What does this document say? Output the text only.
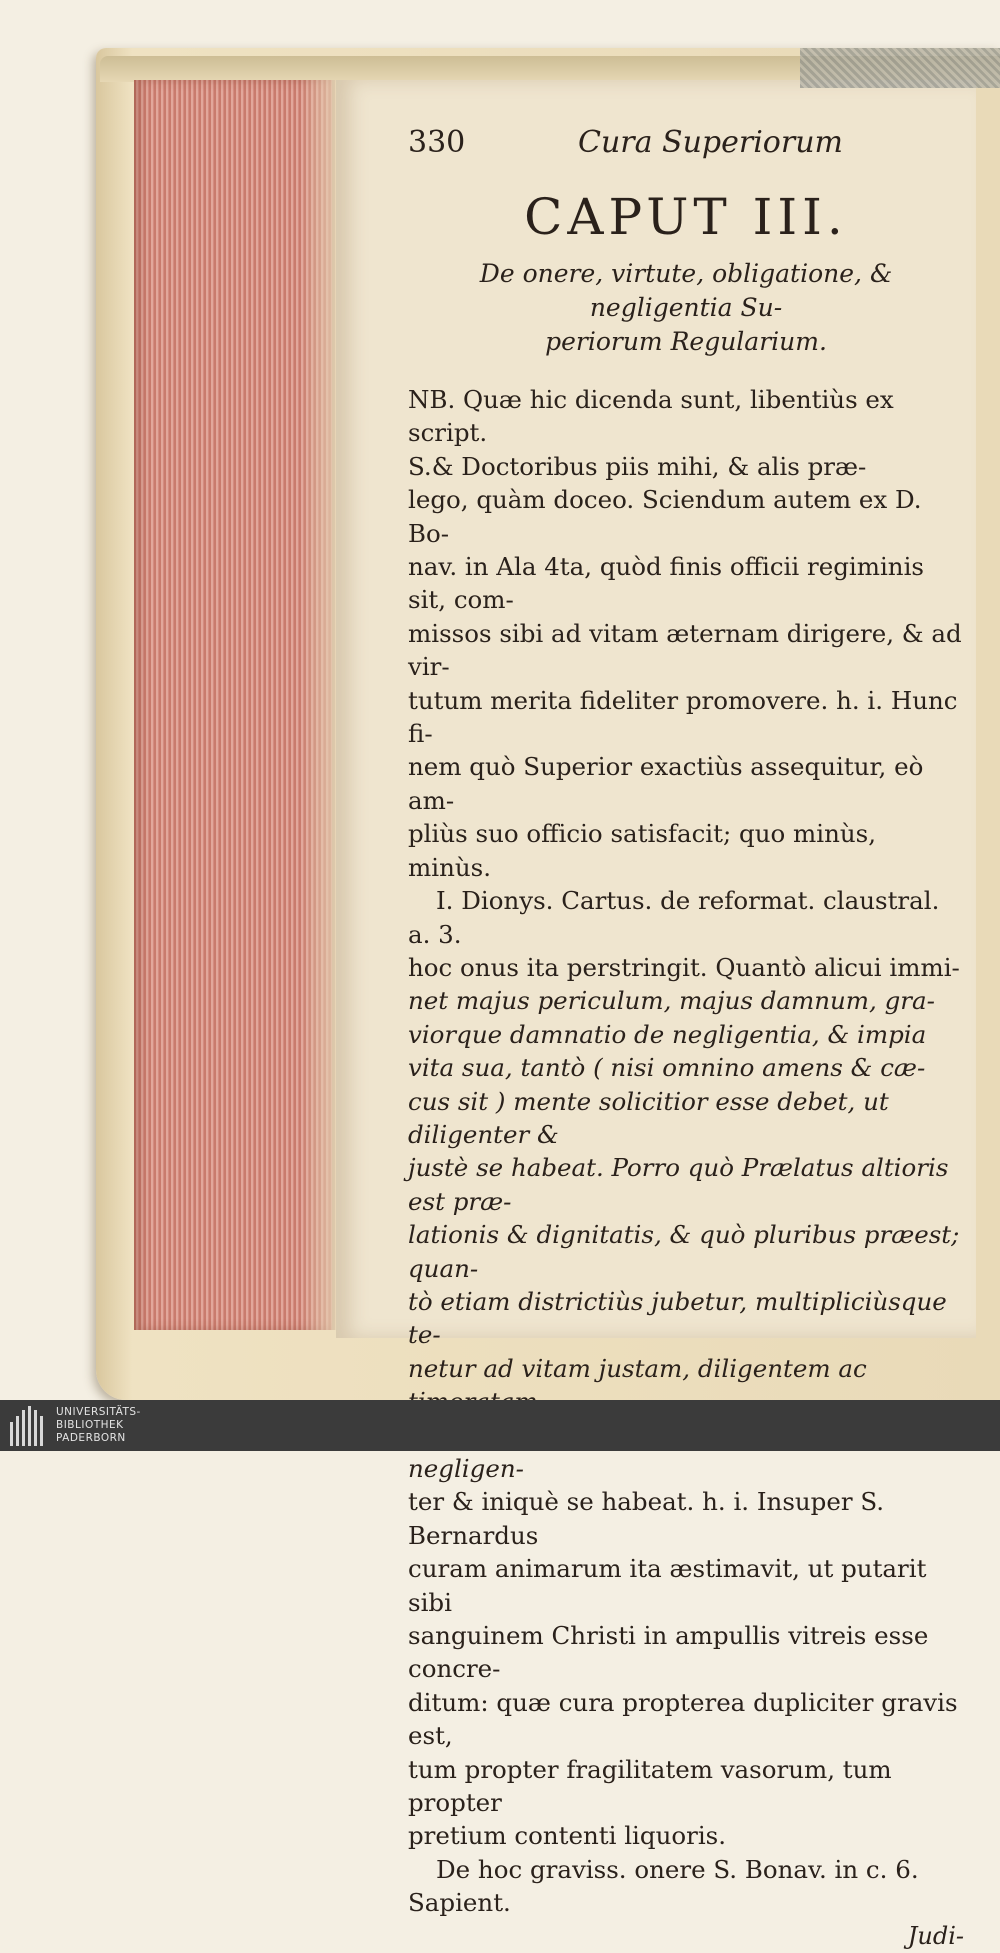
330	Cura Superiorum
CAPUT III.
De onere, virtute, obligatione, & negligentia Su-
periorum Regularium.

NB. Quæ hic dicenda sunt, libentiùs ex script.

S.& Doctoribus piis mihi, & alis præ-

lego, quàm doceo. Sciendum autem ex D. Bo-

nav. in Ala 4ta, quòd finis officii regiminis sit, com-

missos sibi ad vitam æternam dirigere, & ad vir-

tutum merita fideliter promovere. h. i. Hunc fi-

nem quò Superior exactiùs assequitur, eò am-

pliùs suo officio satisfacit; quo minùs, minùs.

I. Dionys. Cartus. de reformat. claustral. a. 3.

hoc onus ita perstringit. Quantò alicui immi-

net majus periculum, majus damnum, gra-

viorque damnatio de negligentia, & impia

vita sua, tantò ( nisi omnino amens & cæ-

cus sit ) mente solicitior esse debet, ut diligenter &

justè se habeat. Porro quò Prælatus altioris est præ-

lationis & dignitatis, & quò pluribus præest; quan-

tò etiam districtiùs jubetur, multipliciùsque te-

netur ad vitam justam, diligentem ac

negligen-

ter & iniquè se habeat. h. i. Insuper S. Bernardus

curam animarum ita æstimavit, ut putarit sibi

sanguinem Christi in ampullis vitreis esse concre-

ditum: quæ cura propterea dupliciter gravis est,

tum propter fragilitatem vasorum, tum propter

pretium contenti liquoris.

De hoc graviss. onere S. Bonav. in c. 6. Sapient.

Judi-
UNIVERSITÄTS-
BIBLIOTHEK
PADERBORN
